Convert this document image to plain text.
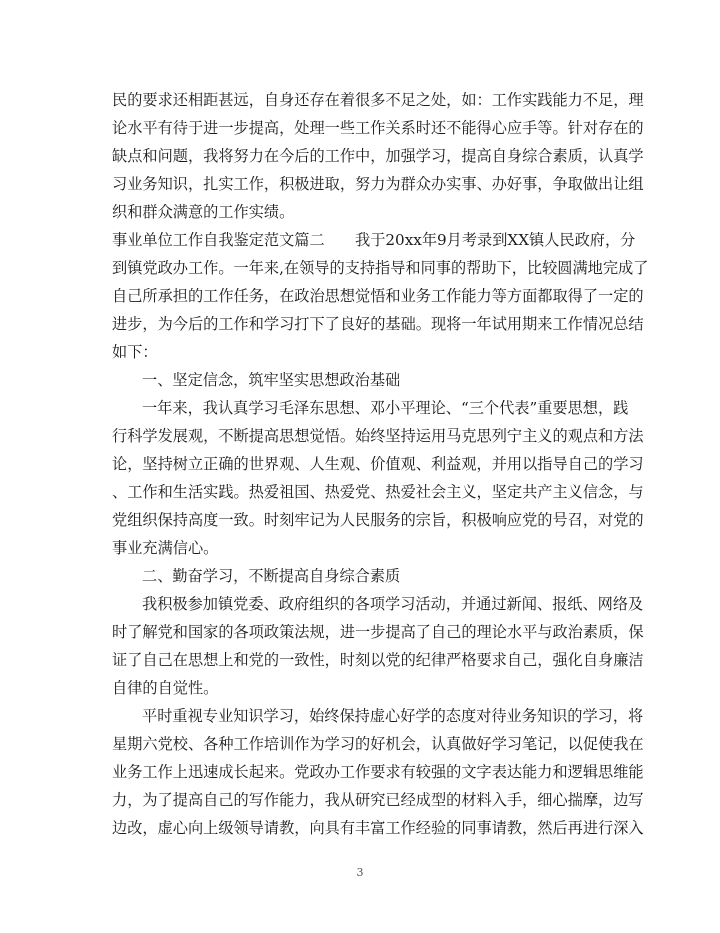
民的要求还相距甚远，自身还存在着很多不足之处，如：工作实践能力不足，理
论水平有待于进一步提高，处理一些工作关系时还不能得心应手等。针对存在的
缺点和问题，我将努力在今后的工作中，加强学习，提高自身综合素质，认真学
习业务知识，扎实工作，积极进取，努力为群众办实事、办好事，争取做出让组
织和群众满意的工作实绩。
事业单位工作自我鉴定范文篇二　　我于20xx年9月考录到XX镇人民政府，分
到镇党政办工作。一年来,在领导的支持指导和同事的帮助下，比较圆满地完成了
自己所承担的工作任务，在政治思想觉悟和业务工作能力等方面都取得了一定的
进步，为今后的工作和学习打下了良好的基础。现将一年试用期来工作情况总结
如下：
一、坚定信念，筑牢坚实思想政治基础
一年来，我认真学习毛泽东思想、邓小平理论、“三个代表”重要思想，践
行科学发展观，不断提高思想觉悟。始终坚持运用马克思列宁主义的观点和方法
论，坚持树立正确的世界观、人生观、价值观、利益观，并用以指导自己的学习
、工作和生活实践。热爱祖国、热爱党、热爱社会主义，坚定共产主义信念，与
党组织保持高度一致。时刻牢记为人民服务的宗旨，积极响应党的号召，对党的
事业充满信心。
二、勤奋学习，不断提高自身综合素质
我积极参加镇党委、政府组织的各项学习活动，并通过新闻、报纸、网络及
时了解党和国家的各项政策法规，进一步提高了自己的理论水平与政治素质，保
证了自己在思想上和党的一致性，时刻以党的纪律严格要求自己，强化自身廉洁
自律的自觉性。
平时重视专业知识学习，始终保持虚心好学的态度对待业务知识的学习，将
星期六党校、各种工作培训作为学习的好机会，认真做好学习笔记，以促使我在
业务工作上迅速成长起来。党政办工作要求有较强的文字表达能力和逻辑思维能
力，为了提高自己的写作能力，我从研究已经成型的材料入手，细心揣摩，边写
边改，虚心向上级领导请教，向具有丰富工作经验的同事请教，然后再进行深入
3
